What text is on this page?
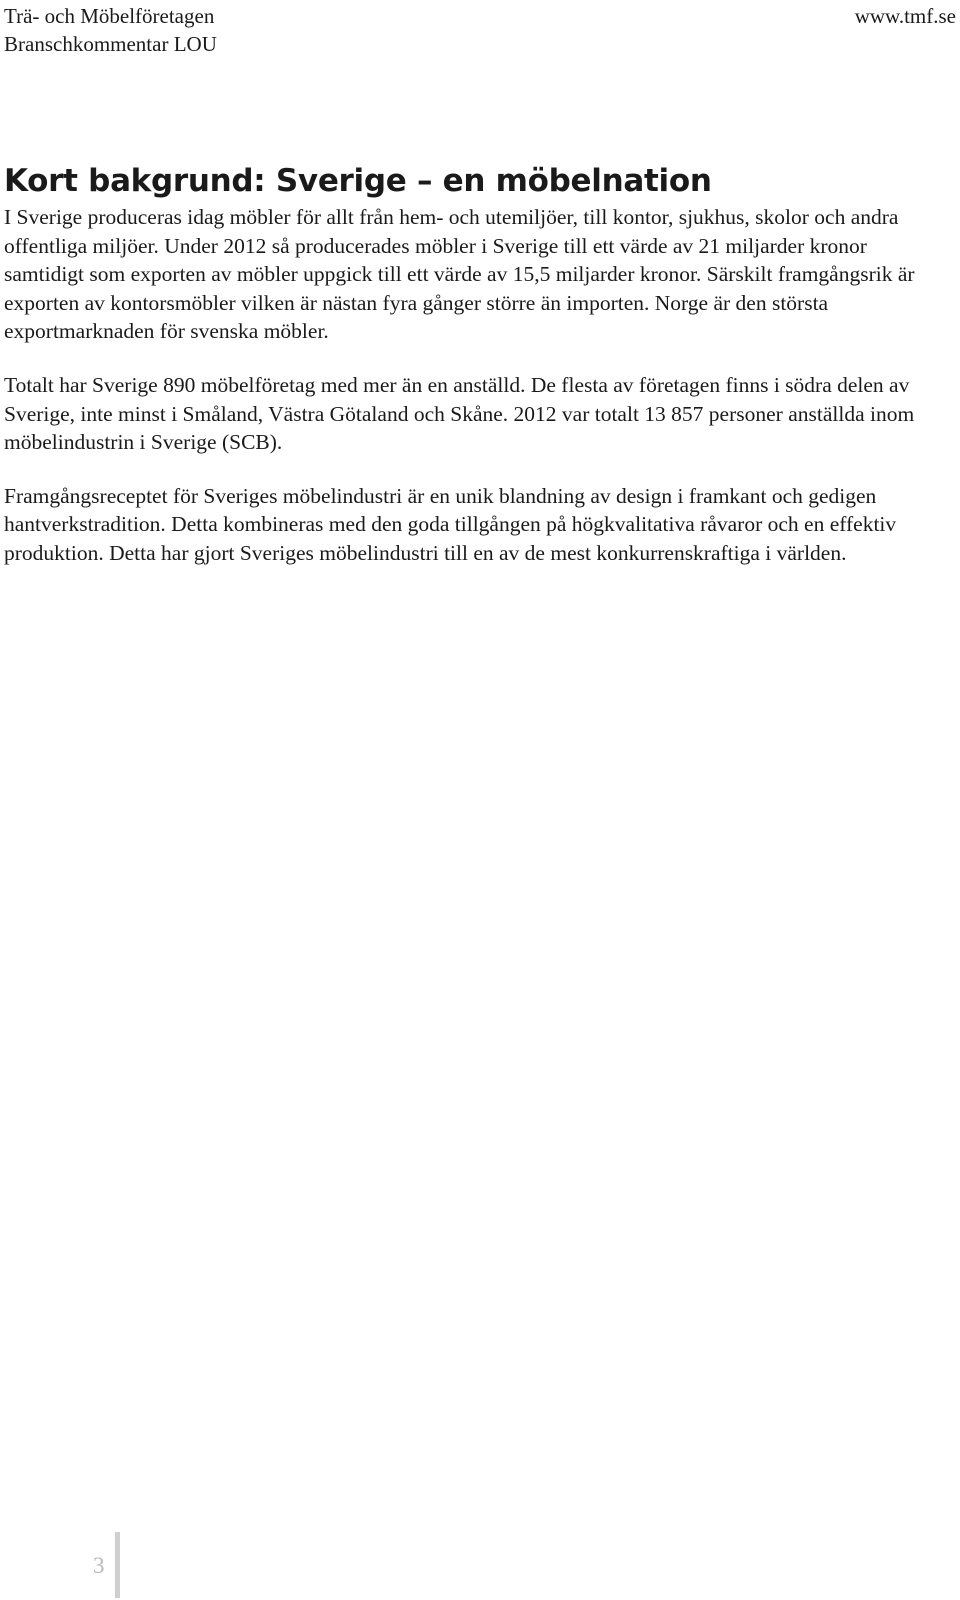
Trä- och Möbelföretagen
Branschkommentar LOU
www.tmf.se
Kort bakgrund: Sverige – en möbelnation

I Sverige produceras idag möbler för allt från hem- och utemiljöer, till kontor, sjukhus, skolor och andra offentliga miljöer. Under 2012 så producerades möbler i Sverige till ett värde av 21 miljarder kronor samtidigt som exporten av möbler uppgick till ett värde av 15,5 miljarder kronor. Särskilt framgångsrik är exporten av kontorsmöbler vilken är nästan fyra gånger större än importen. Norge är den största exportmarknaden för svenska möbler.

Totalt har Sverige 890 möbelföretag med mer än en anställd. De flesta av företagen finns i södra delen av Sverige, inte minst i Småland, Västra Götaland och Skåne. 2012 var totalt 13 857 personer anställda inom möbelindustrin i Sverige (SCB).

Framgångsreceptet för Sveriges möbelindustri är en unik blandning av design i framkant och gedigen hantverkstradition. Detta kombineras med den goda tillgången på högkvalitativa råvaror och en effektiv produktion. Detta har gjort Sveriges möbelindustri till en av de mest konkurrenskraftiga i världen.

3
